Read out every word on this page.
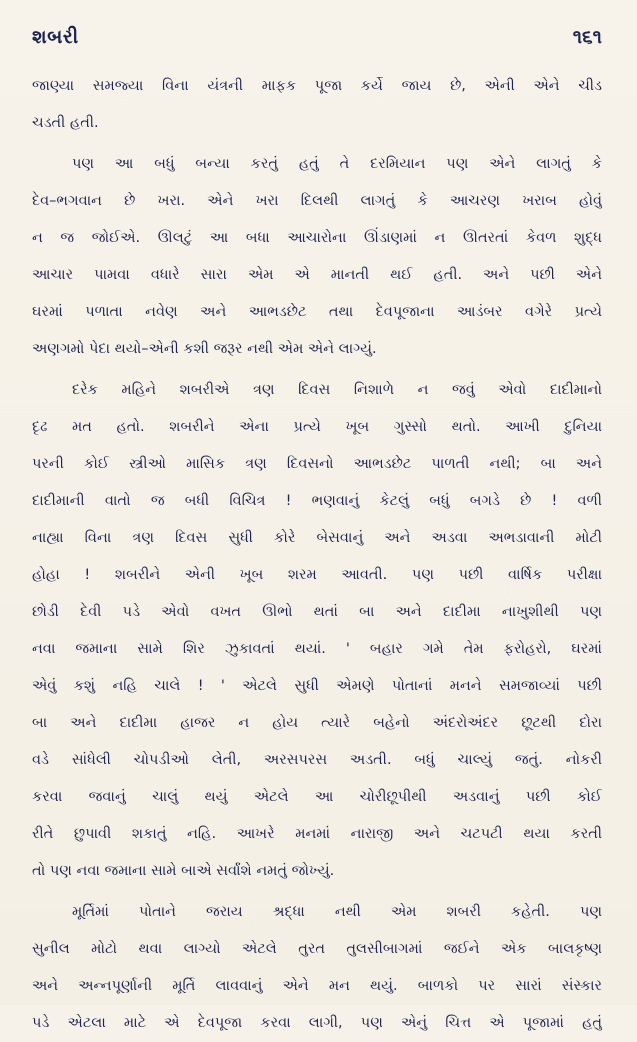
શબરી	૧૬૧
જાણ્યા સમજ્યા વિના યંત્રની માફક પૂજા કર્યે જાય છે, એની એને ચીડ
ચડતી હતી.
પણ આ બધું બન્યા કરતું હતું તે દરમિયાન પણ એને લાગતું કે
દેવ–ભગવાન છે ખરા. એને ખરા દિલથી લાગતું કે આચરણ ખરાબ હોવું
ન જ જોઈએ. ઊલટું આ બધા આચારોના ઊંડાણમાં ન ઊતરતાં કેવળ શુદ્ધ
આચાર પામવા વધારે સારા એમ એ માનતી થઈ હતી. અને પછી એને
ઘરમાં પળાતા નવેણ અને આભડછેટ તથા દેવપૂજાના આડંબર વગેરે પ્રત્યે
અણગમો પેદા થયો–એની કશી જરૂર નથી એમ એને લાગ્યું.
દરેક મહિને શબરીએ ત્રણ દિવસ નિશાળે ન જવું એવો દાદીમાનો
દૃઢ મત હતો. શબરીને એના પ્રત્યે ખૂબ ગુસ્સો થતો. આખી દુનિયા
પરની કોઈ સ્ત્રીઓ માસિક ત્રણ દિવસનો આભડછેટ પાળતી નથી; બા અને
દાદીમાની વાતો જ બધી વિચિત્ર ! ભણવાનું કેટલું બધું બગડે છે ! વળી
નાહ્યા વિના ત્રણ દિવસ સુધી કોરે બેસવાનું અને અડવા અભડાવાની મોટી
હોહા ! શબરીને એની ખૂબ શરમ આવતી. પણ પછી વાર્ષિક પરીક્ષા
છોડી દેવી પડે એવો વખત ઊભો થતાં બા અને દાદીમા નાખુશીથી પણ
નવા જમાના સામે શિર ઝુકાવતાં થયાં. ' બહાર ગમે તેમ ફરોહરો, ઘરમાં
એવું કશું નહિ ચાલે ! ' એટલે સુધી એમણે પોતાનાં મનને સમજાવ્યાં પછી
બા અને દાદીમા હાજર ન હોય ત્યારે બહેનો અંદરોઅંદર છૂટથી દોરા
વડે સાંધેલી ચોપડીઓ લેતી, અરસપરસ અડતી. બધું ચાલ્યું જતું. નોકરી
કરવા જવાનું ચાલું થયું એટલે આ ચોરીછૂપીથી અડવાનું પછી કોઈ
રીતે છુપાવી શકાતું નહિ. આખરે મનમાં નારાજી અને ચટપટી થયા કરતી
તો પણ નવા જમાના સામે બાએ સર્વાંશે નમતું જોખ્યું.
મૂર્તિમાં પોતાને જરાય શ્રદ્ધા નથી એમ શબરી કહેતી. પણ
સુનીલ મોટો થવા લાગ્યો એટલે તુરત તુલસીબાગમાં જઈને એક બાલકૃષ્ણ
અને અન્નપૂર્ણાની મૂર્તિ લાવવાનું એને મન થયું. બાળકો પર સારાં સંસ્કાર
પડે એટલા માટે એ દેવપૂજા કરવા લાગી, પણ એનું ચિત્ત એ પૂજામાં હતું
